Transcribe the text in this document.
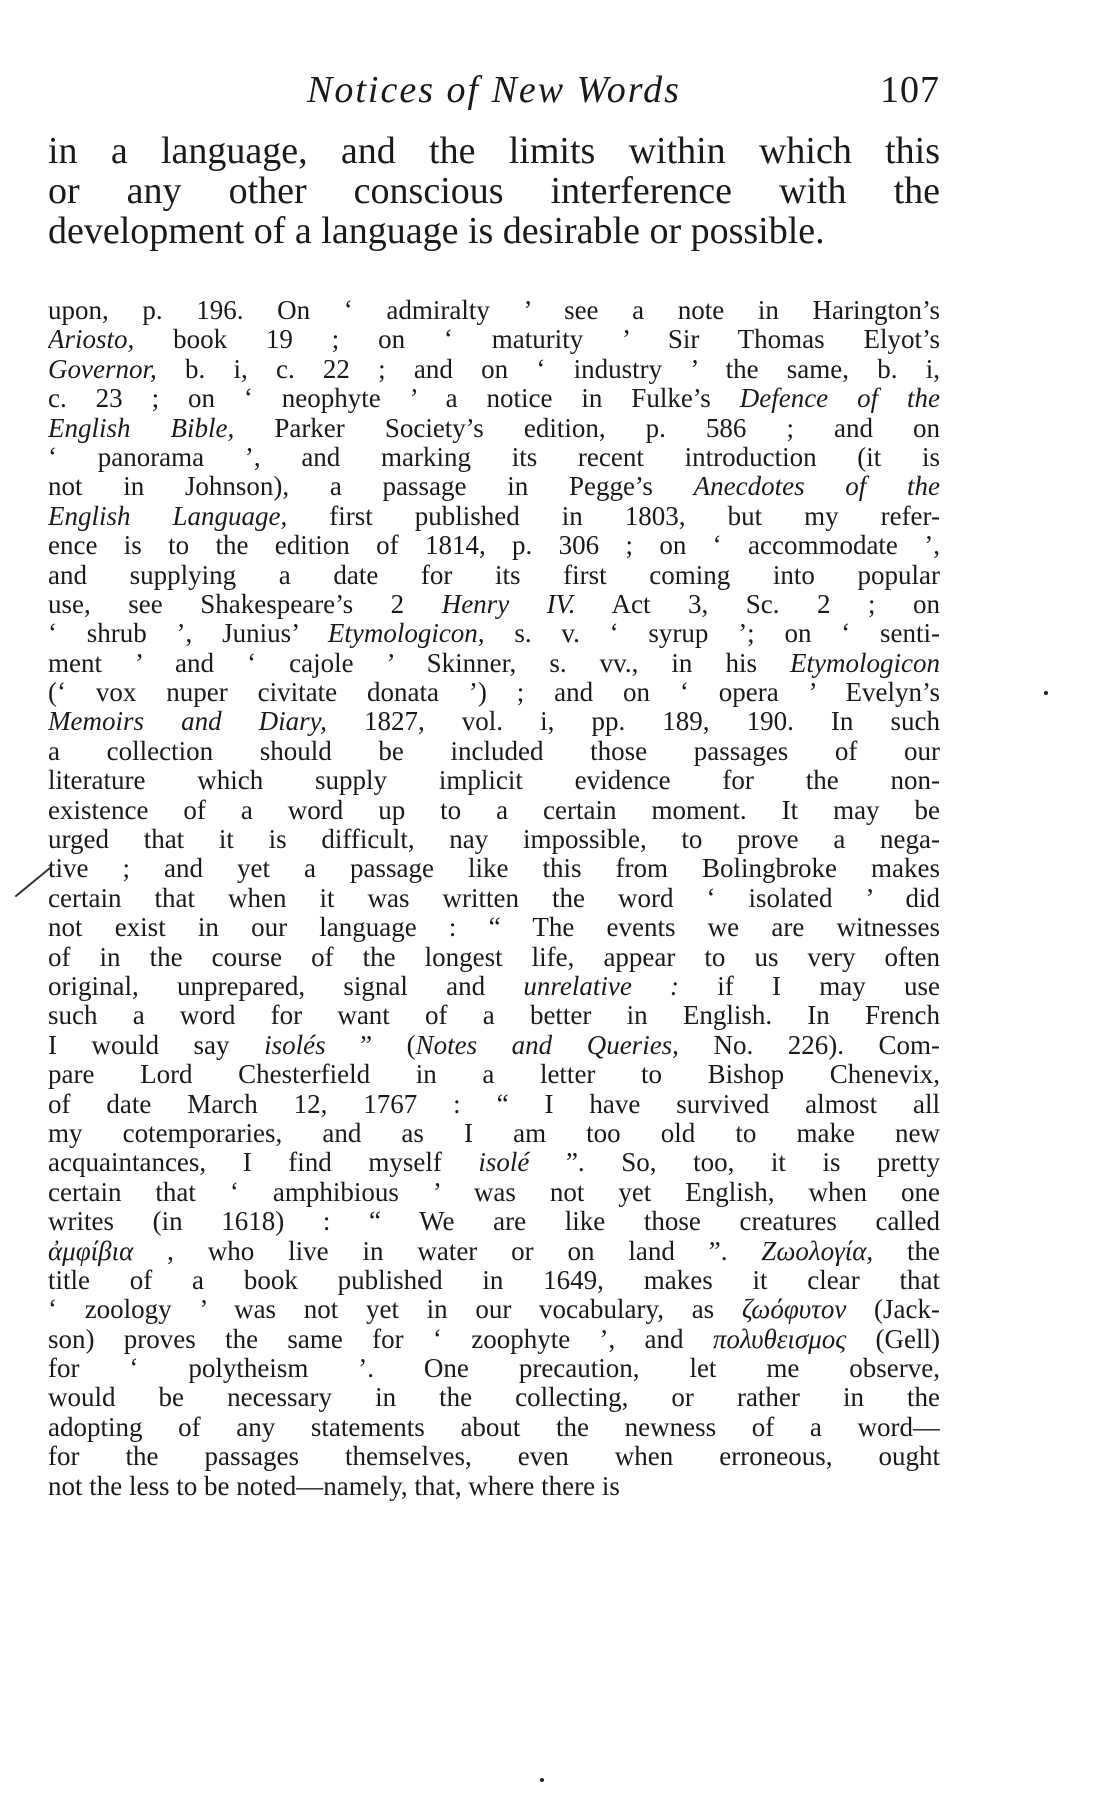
Notices of New Words	107
in a language, and the limits within which this
or any other conscious interference with the
development of a language is desirable or possible.
upon, p. 196. On ‘ admiralty ’ see a note in Harington’s
Ariosto, book 19 ; on ‘ maturity ’ Sir Thomas Elyot’s
Governor, b. i, c. 22 ; and on ‘ industry ’ the same, b. i,
c. 23 ; on ‘ neophyte ’ a notice in Fulke’s Defence of the
English Bible, Parker Society’s edition, p. 586 ; and on
‘ panorama ’, and marking its recent introduction (it is
not in Johnson), a passage in Pegge’s Anecdotes of the
English Language, first published in 1803, but my refer-
ence is to the edition of 1814, p. 306 ; on ‘ accommodate ’,
and supplying a date for its first coming into popular
use, see Shakespeare’s 2 Henry IV. Act 3, Sc. 2 ; on
‘ shrub ’, Junius’ Etymologicon, s. v. ‘ syrup ’; on ‘ senti-
ment ’ and ‘ cajole ’ Skinner, s. vv., in his Etymologicon
(‘ vox nuper civitate donata ’) ; and on ‘ opera ’ Evelyn’s
Memoirs and Diary, 1827, vol. i, pp. 189, 190. In such
a collection should be included those passages of our
literature which supply implicit evidence for the non-
existence of a word up to a certain moment. It may be
urged that it is difficult, nay impossible, to prove a nega-
tive ; and yet a passage like this from Bolingbroke makes
certain that when it was written the word ‘ isolated ’ did
not exist in our language : “ The events we are witnesses
of in the course of the longest life, appear to us very often
original, unprepared, signal and unrelative : if I may use
such a word for want of a better in English. In French
I would say isolés ” (Notes and Queries, No. 226). Com-
pare Lord Chesterfield in a letter to Bishop Chenevix,
of date March 12, 1767 : “ I have survived almost all
my cotemporaries, and as I am too old to make new
acquaintances, I find myself isolé ”. So, too, it is pretty
certain that ‘ amphibious ’ was not yet English, when one
writes (in 1618) : “ We are like those creatures called
ἀμφίβια , who live in water or on land ”. Ζωολογία, the
title of a book published in 1649, makes it clear that
‘ zoology ’ was not yet in our vocabulary, as ζωόφυτον (Jack-
son) proves the same for ‘ zoophyte ’, and πολυθεισμος (Gell)
for ‘ polytheism ’. One precaution, let me observe,
would be necessary in the collecting, or rather in the
adopting of any statements about the newness of a word—
for the passages themselves, even when erroneous, ought
not the less to be noted—namely, that, where there is
